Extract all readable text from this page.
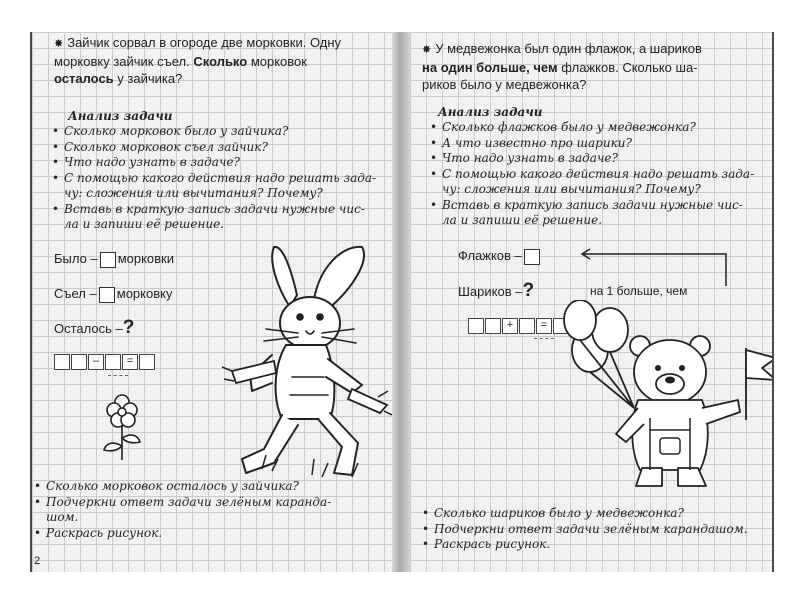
✸ Зайчик сорвал в огороде две морковки. Одну
морковку зайчик съел. Сколько морковок
осталось у зайчика?
Анализ задачи
• Сколько морковок было у зайчика?
• Сколько морковок съел зайчик?
• Что надо узнать в задаче?
• С помощью какого действия надо решать зада-
чу: сложения или вычитания? Почему?
• Вставь в краткую запись задачи нужные чис-
ла и запиши её решение.
Было – морковки
Съел – морковку
Осталось –?
–	=
• Сколько морковок осталось у зайчика?
• Подчеркни ответ задачи зелёным каранда-
шом.
• Раскрась рисунок.
2
✸ У медвежонка был один флажок, а шариков
на один больше, чем флажков. Сколько ша-
риков было у медвежонка?
Анализ задачи
• Сколько флажков было у медвежонка?
• А что известно про шарики?
• Что надо узнать в задаче?
• С помощью какого действия надо решать зада-
чу: сложения или вычитания? Почему?
• Вставь в краткую запись задачи нужные чис-
ла и запиши её решение.
Флажков –
Шариков –?	на 1 больше, чем
+	=
• Сколько шариков было у медвежонка?
• Подчеркни ответ задачи зелёным карандашом.
• Раскрась рисунок.
